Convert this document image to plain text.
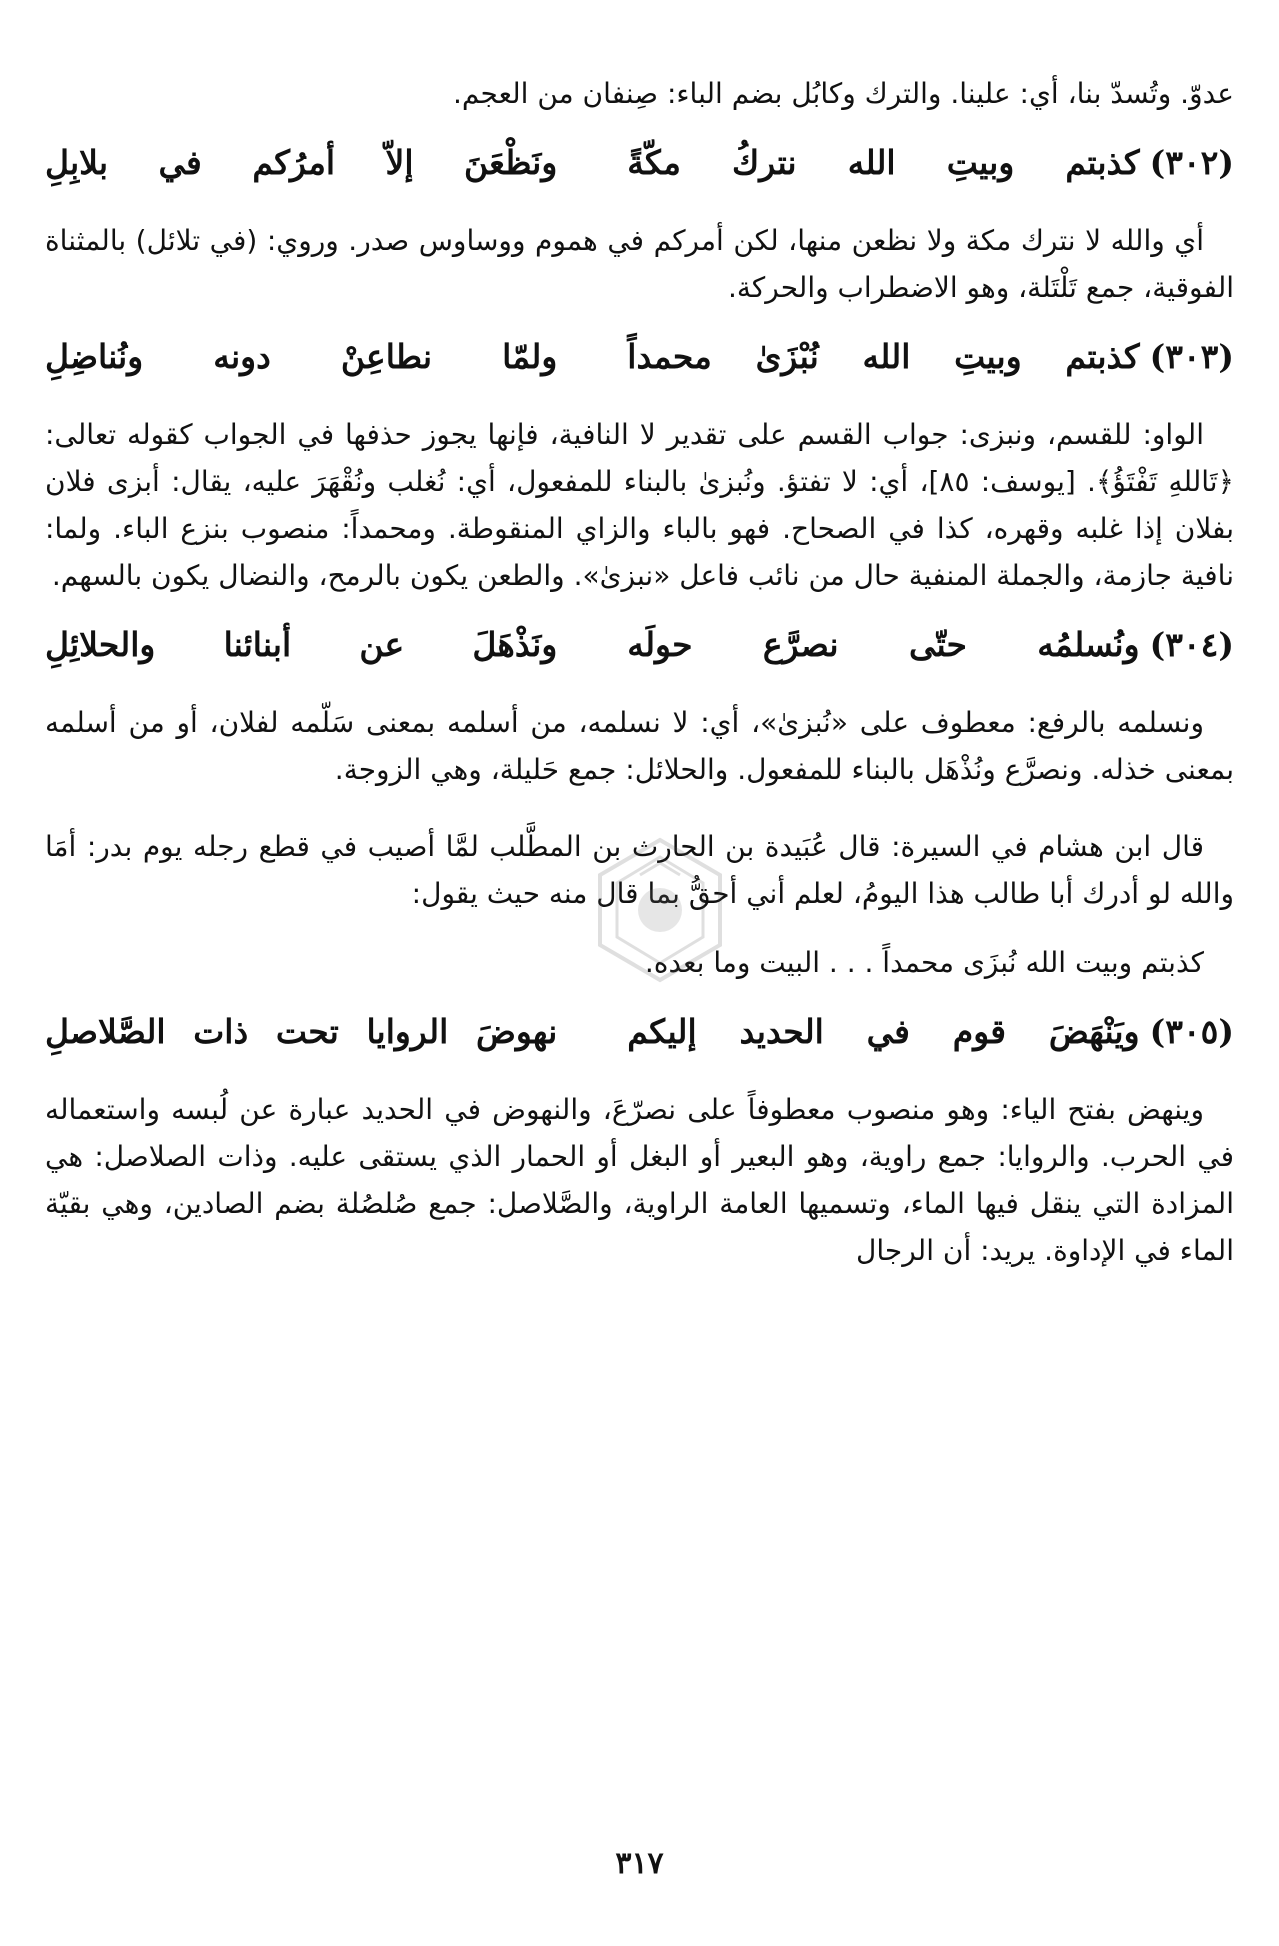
عدوّ. وتُسدّ بنا، أي: علينا. والترك وكابُل بضم الباء: صِنفان من العجم.

(٣٠٢)
كذبتم وبيتِ الله نتركُ مكّةً
ونَظْعَنَ إلاّ أمرُكم في بلابِلِ

أي والله لا نترك مكة ولا نظعن منها، لكن أمركم في هموم ووساوس صدر. وروي: (في تلائل) بالمثناة الفوقية، جمع تَلْتَلة، وهو الاضطراب والحركة.

(٣٠٣)
كذبتم وبيتِ الله نُبْزَىٰ محمداً
ولمّا نطاعِنْ دونه ونُناضِلِ

الواو: للقسم، ونبزى: جواب القسم على تقدير لا النافية، فإنها يجوز حذفها في الجواب كقوله تعالى: ﴿تَاللهِ تَفْتَؤُ﴾. [يوسف: ٨٥]، أي: لا تفتؤ. ونُبزىٰ بالبناء للمفعول، أي: نُغلب ونُقْهَرَ عليه، يقال: أبزى فلان بفلان إذا غلبه وقهره، كذا في الصحاح. فهو بالباء والزاي المنقوطة. ومحمداً: منصوب بنزع الباء. ولما: نافية جازمة، والجملة المنفية حال من نائب فاعل «نبزىٰ». والطعن يكون بالرمح، والنضال يكون بالسهم.

(٣٠٤)
ونُسلمُه حتّى نصرَّع حولَه
ونَذْهَلَ عن أبنائنا والحلائِلِ

ونسلمه بالرفع: معطوف على «نُبزىٰ»، أي: لا نسلمه، من أسلمه بمعنى سَلّمه لفلان، أو من أسلمه بمعنى خذله. ونصرَّع ونُذْهَل بالبناء للمفعول. والحلائل: جمع حَليلة، وهي الزوجة.

قال ابن هشام في السيرة: قال عُبَيدة بن الحارث بن المطَّلب لمَّا أصيب في قطع رجله يوم بدر: أمَا والله لو أدرك أبا طالب هذا اليومُ، لعلم أني أحقُّ بما قال منه حيث يقول:

كذبتم وبيت الله نُبزَى محمداً . . . البيت وما بعده.

(٣٠٥)
ويَنْهَضَ قوم في الحديد إليكم
نهوضَ الروايا تحت ذات الصَّلاصلِ

وينهض بفتح الياء: وهو منصوب معطوفاً على نصرّعَ، والنهوض في الحديد عبارة عن لُبسه واستعماله في الحرب. والروايا: جمع راوية، وهو البعير أو البغل أو الحمار الذي يستقى عليه. وذات الصلاصل: هي المزادة التي ينقل فيها الماء، وتسميها العامة الراوية، والصَّلاصل: جمع صُلصُلة بضم الصادين، وهي بقيّة الماء في الإداوة. يريد: أن الرجال

٣١٧
